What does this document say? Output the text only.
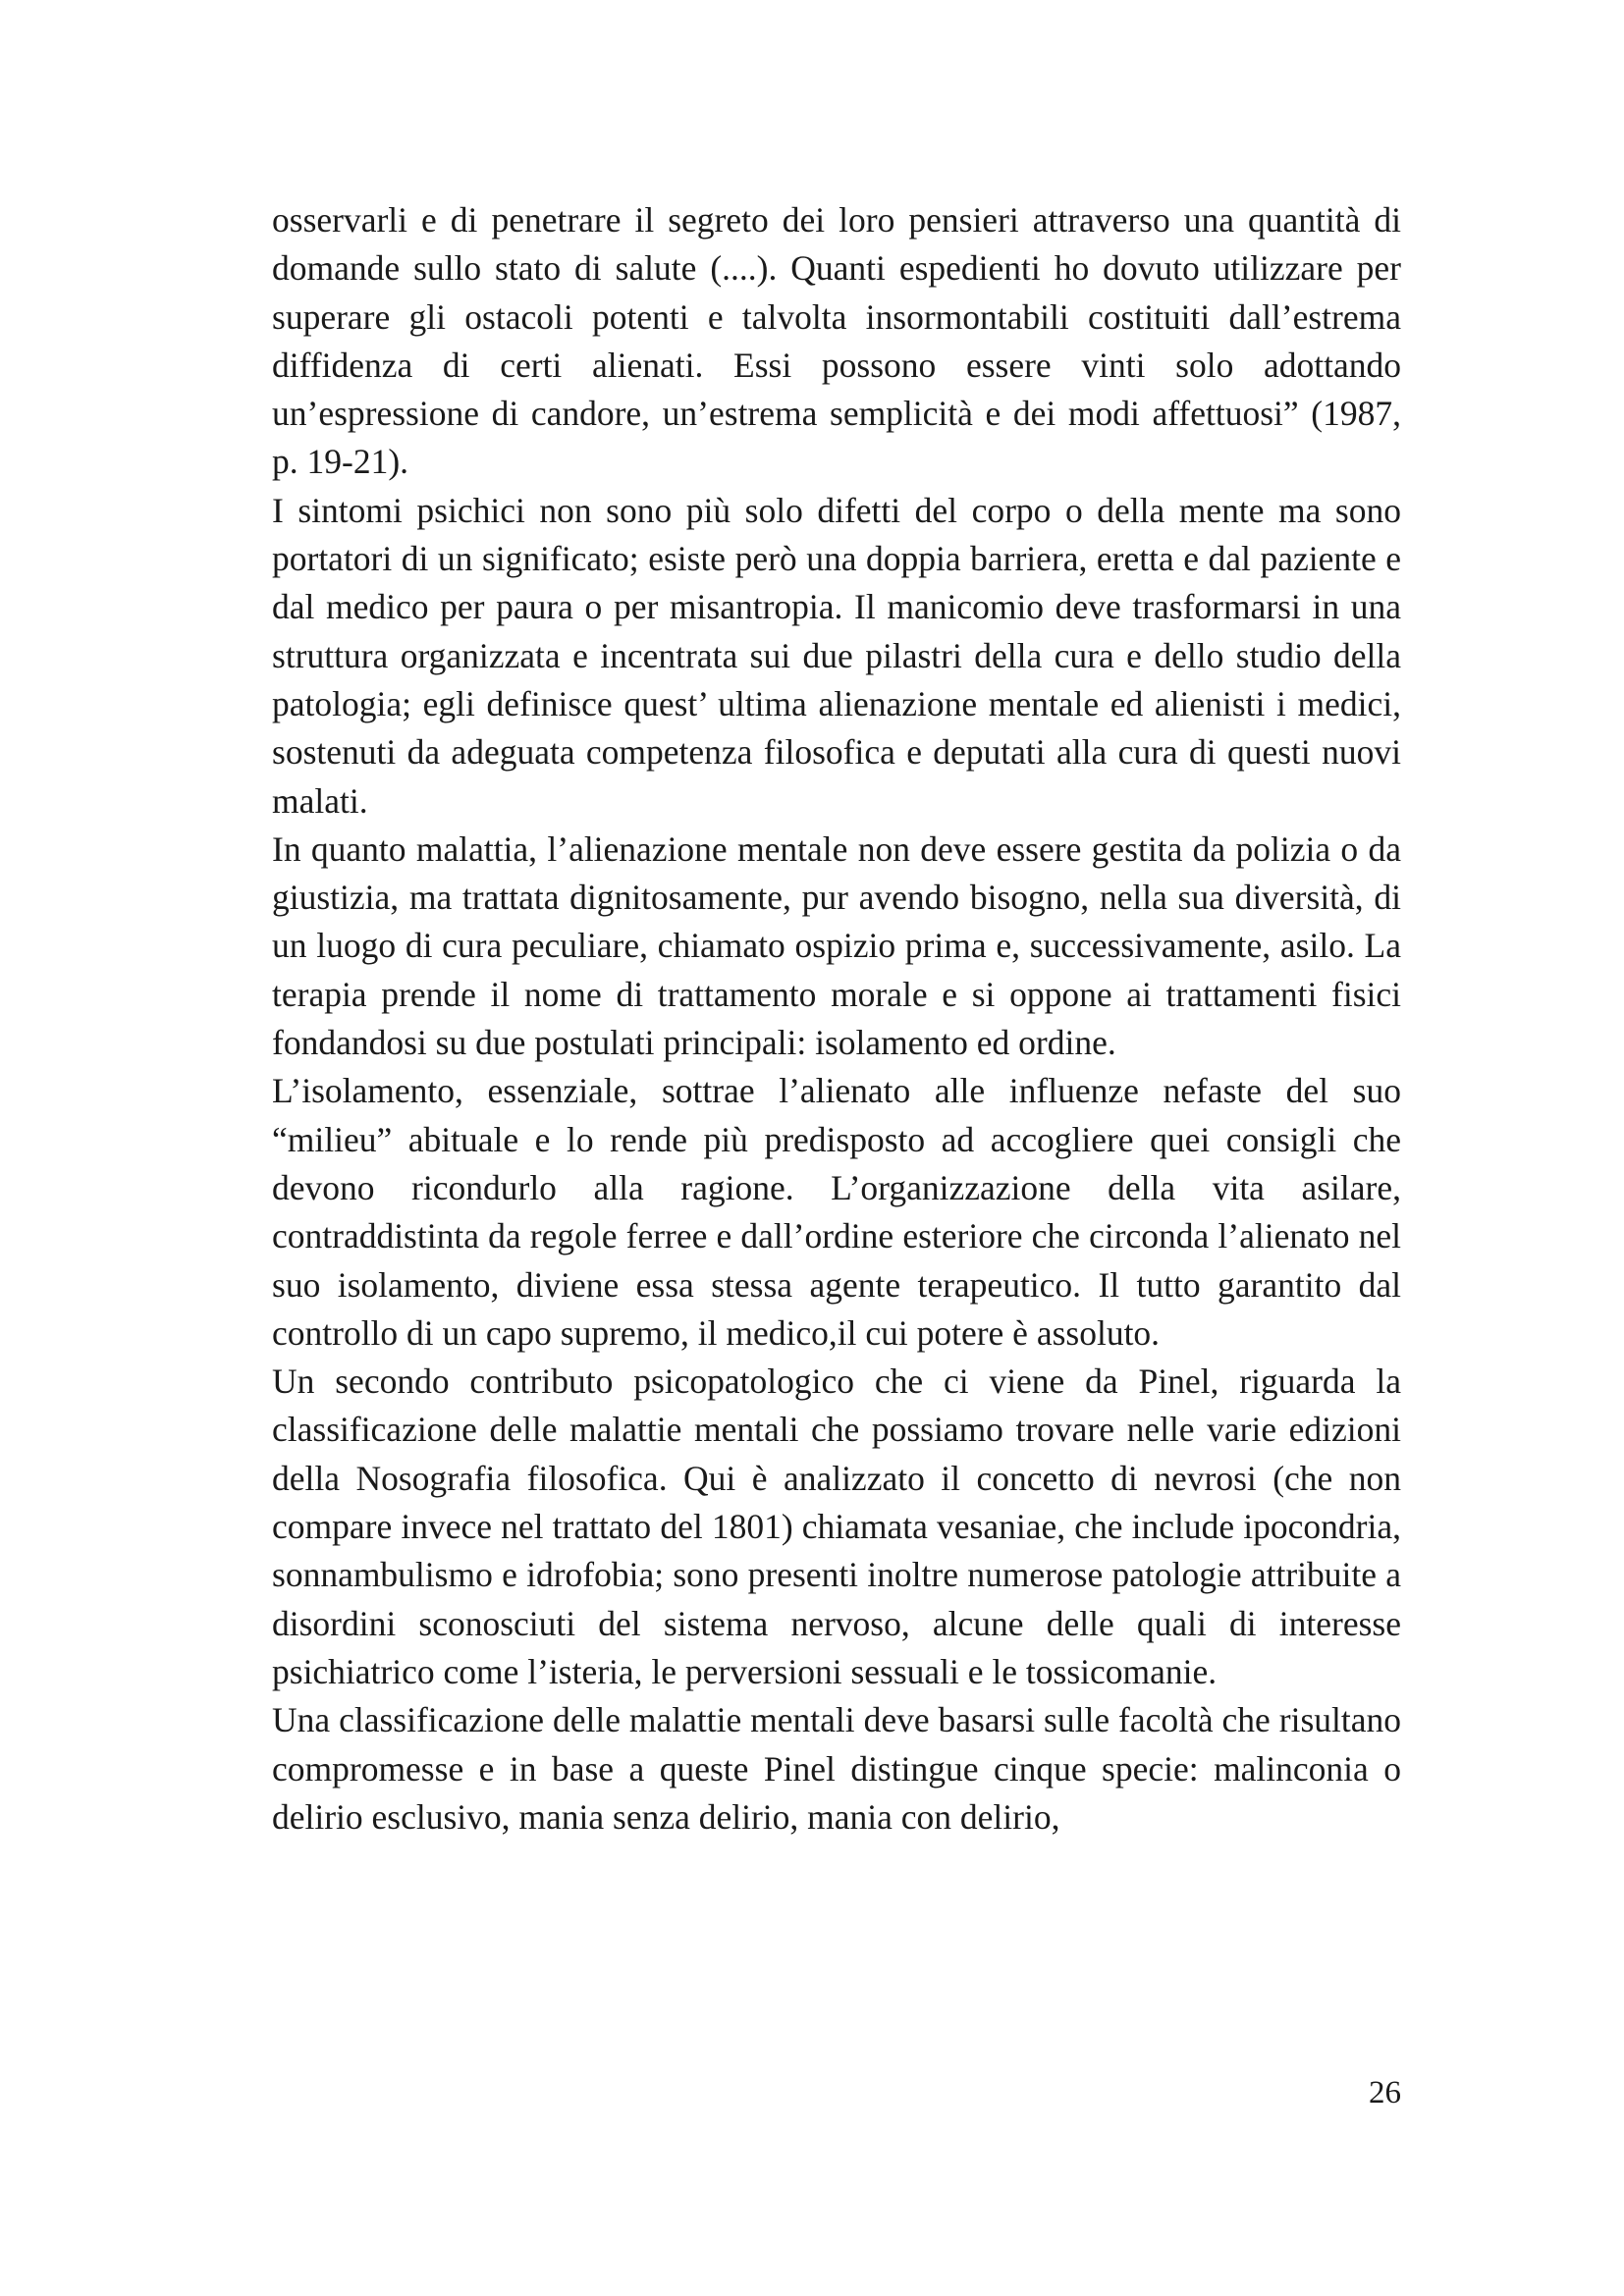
osservarli e di penetrare il segreto dei loro pensieri attraverso una quantità di domande sullo stato di salute (....). Quanti espedienti ho dovuto utilizzare per superare gli ostacoli potenti e talvolta insormontabili costituiti dall’estrema diffidenza di certi alienati. Essi possono essere vinti solo adottando un’espressione di candore, un’estrema semplicità e dei modi affettuosi” (1987, p. 19-21).

I sintomi psichici non sono più solo difetti del corpo o della mente ma sono portatori di un significato; esiste però una doppia barriera, eretta e dal paziente e dal medico per paura o per misantropia. Il manicomio deve trasformarsi in una struttura organizzata e incentrata sui due pilastri della cura e dello studio della patologia; egli definisce quest’ ultima alienazione mentale ed alienisti i medici, sostenuti da adeguata competenza filosofica e deputati alla cura di questi nuovi malati.

In quanto malattia, l’alienazione mentale non deve essere gestita da polizia o da giustizia, ma trattata dignitosamente, pur avendo bisogno, nella sua diversità, di un luogo di cura peculiare, chiamato ospizio prima e, successivamente, asilo. La terapia prende il nome di trattamento morale e si oppone ai trattamenti fisici fondandosi su due postulati principali: isolamento ed ordine.

L’isolamento, essenziale, sottrae l’alienato alle influenze nefaste del suo “milieu” abituale e lo rende più predisposto ad accogliere quei consigli che devono ricondurlo alla ragione. L’organizzazione della vita asilare, contraddistinta da regole ferree e dall’ordine esteriore che circonda l’alienato nel suo isolamento, diviene essa stessa agente terapeutico. Il tutto garantito dal controllo di un capo supremo, il medico,il cui potere è assoluto.

Un secondo contributo psicopatologico che ci viene da Pinel, riguarda la classificazione delle malattie mentali che possiamo trovare nelle varie edizioni della Nosografia filosofica. Qui è analizzato il concetto di nevrosi (che non compare invece nel trattato del 1801) chiamata vesaniae, che include ipocondria, sonnambulismo e idrofobia; sono presenti inoltre numerose patologie attribuite a disordini sconosciuti del sistema nervoso, alcune delle quali di interesse psichiatrico come l’isteria, le perversioni sessuali e le tossicomanie.

Una classificazione delle malattie mentali deve basarsi sulle facoltà che risultano compromesse e in base a queste Pinel distingue cinque specie: malinconia o delirio esclusivo, mania senza delirio, mania con delirio,

26
